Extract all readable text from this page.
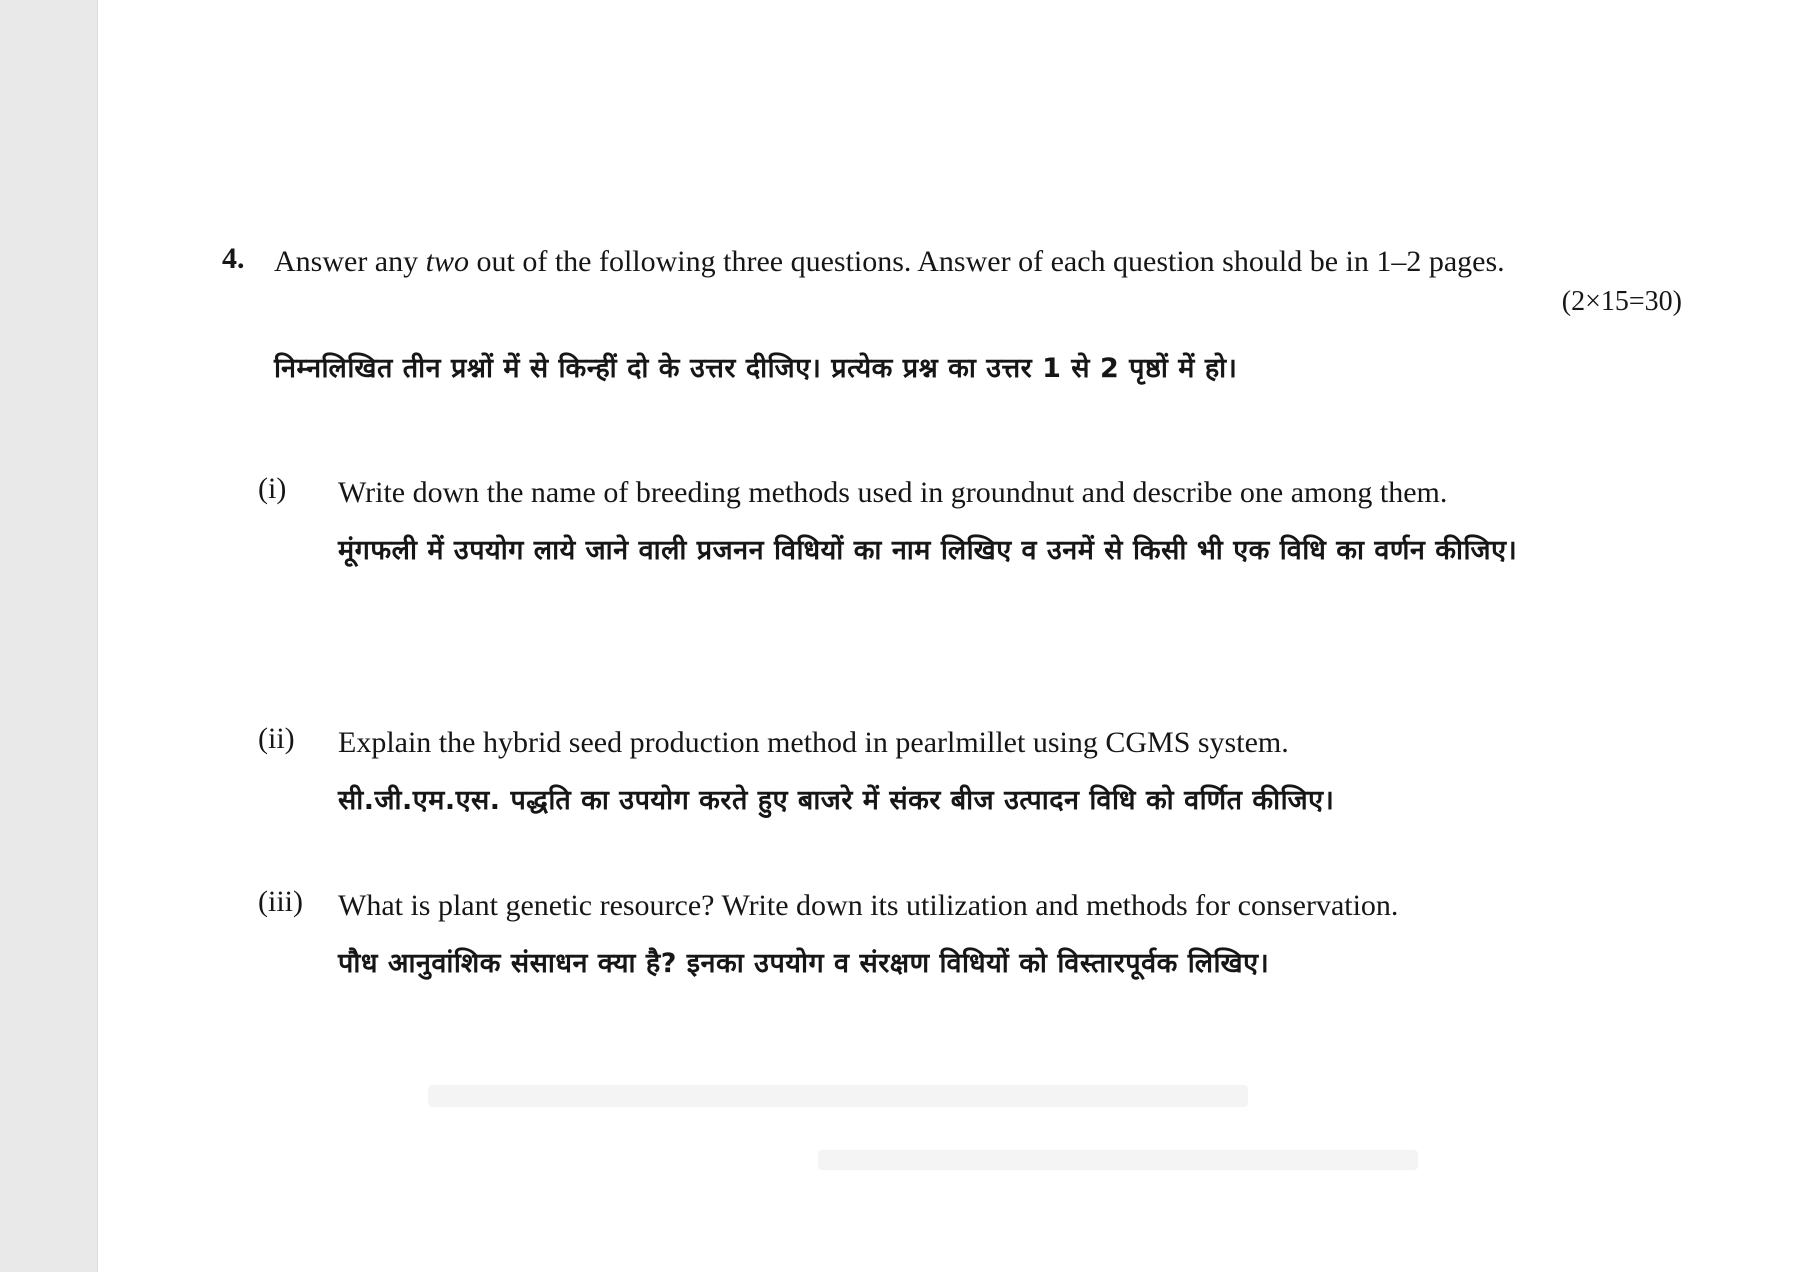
4. Answer any two out of the following three questions. Answer of each question should be in 1–2 pages.
(2×15=30)
निम्नलिखित तीन प्रश्नों में से किन्हीं दो के उत्तर दीजिए। प्रत्येक प्रश्न का उत्तर 1 से 2 पृष्ठों में हो।
(i) Write down the name of breeding methods used in groundnut and describe one among them.
मूंगफली में उपयोग लाये जाने वाली प्रजनन विधियों का नाम लिखिए व उनमें से किसी भी एक विधि का वर्णन कीजिए।
(ii) Explain the hybrid seed production method in pearlmillet using CGMS system.
सी.जी.एम.एस. पद्धति का उपयोग करते हुए बाजरे में संकर बीज उत्पादन विधि को वर्णित कीजिए।
(iii) What is plant genetic resource? Write down its utilization and methods for conservation.
पौध आनुवांशिक संसाधन क्या है? इनका उपयोग व संरक्षण विधियों को विस्तारपूर्वक लिखिए।
